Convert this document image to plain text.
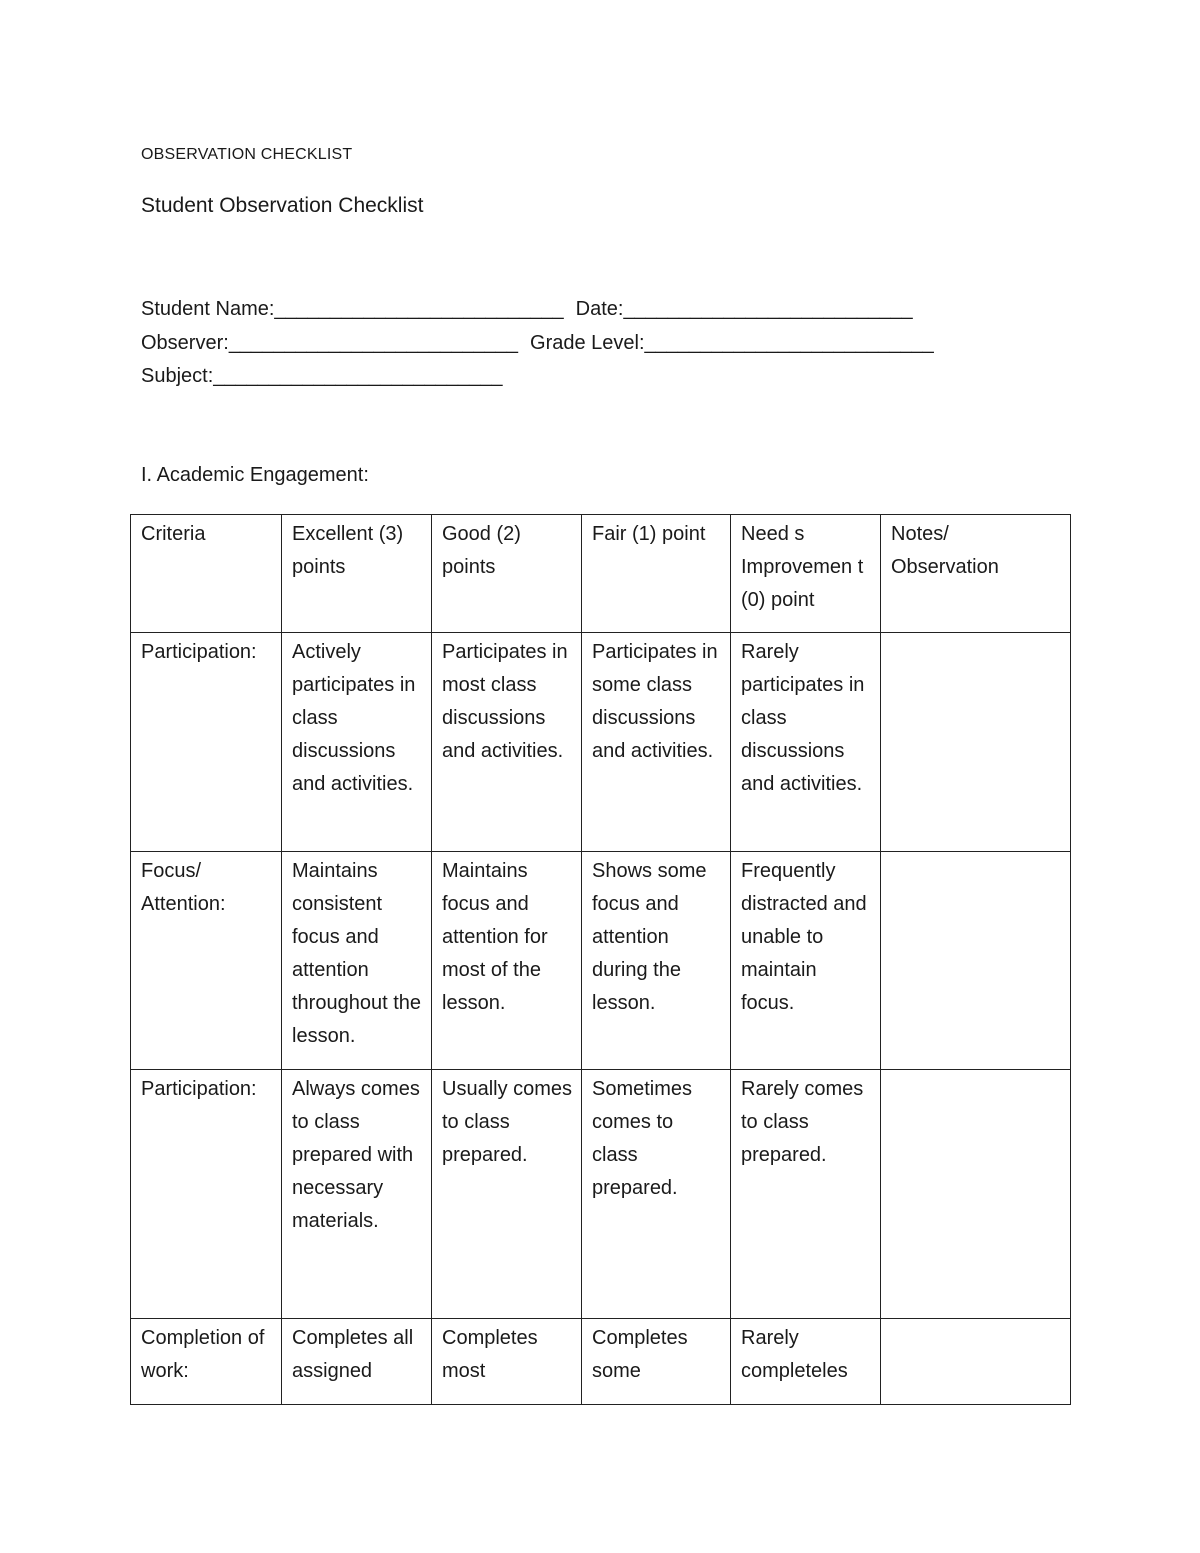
OBSERVATION CHECKLIST
Student Observation Checklist
Student Name:__________________________ Date:__________________________
Observer:__________________________ Grade Level:__________________________
Subject:__________________________
I. Academic Engagement:
Criteria	Excellent (3) points	Good (2) points	Fair (1) point	Need s Improvemen t (0) point	Notes/ Observation
Participation:	Actively participates in class discussions and activities.	Participates in most class discussions and activities.	Participates in some class discussions and activities.	Rarely participates in class discussions and activities.	
Focus/ Attention:	Maintains consistent focus and attention throughout the lesson.	Maintains focus and attention for most of the lesson.	Shows some focus and attention during the lesson.	Frequently distracted and unable to maintain focus.	
Participation:	Always comes to class prepared with necessary materials.	Usually comes to class prepared.	Sometimes comes to class prepared.	Rarely comes to class prepared.	
Completion of work:	Completes all assigned	Completes most	Completes some	Rarely completeles	
